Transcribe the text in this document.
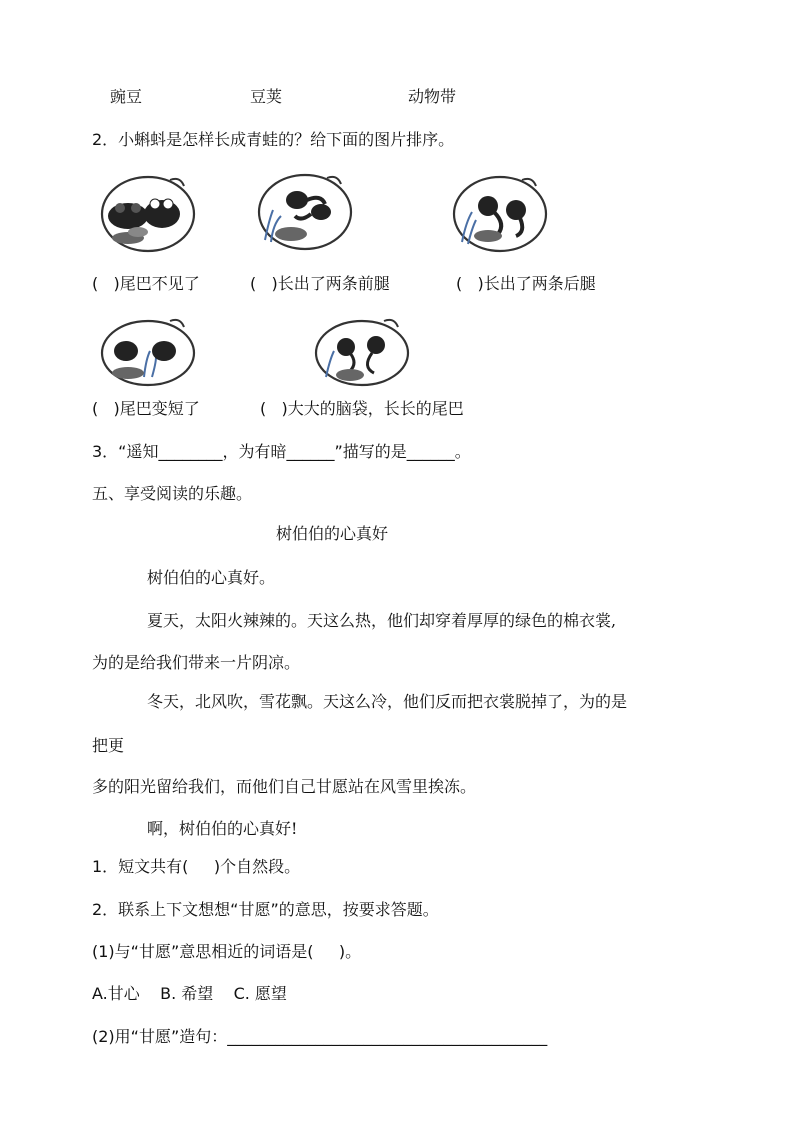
豌豆	豆荚	动物带
2．小蝌蚪是怎样长成青蛙的？给下面的图片排序。
(   )尾巴不见了	(   )长出了两条前腿	(   )长出了两条后腿
(   )尾巴变短了	(   )大大的脑袋，长长的尾巴
3．“遥知________，为有暗______”描写的是______。
五、享受阅读的乐趣。
树伯伯的心真好
树伯伯的心真好。
夏天，太阳火辣辣的。天这么热，他们却穿着厚厚的绿色的棉衣裳,
为的是给我们带来一片阴凉。
冬天，北风吹，雪花飘。天这么冷，他们反而把衣裳脱掉了，为的是
把更
多的阳光留给我们，而他们自己甘愿站在风雪里挨冻。
啊，树伯伯的心真好!
1．短文共有(     )个自然段。
2．联系上下文想想“甘愿”的意思，按要求答题。
(1)与“甘愿”意思相近的词语是(     )。
A.甘心    B. 希望    C. 愿望
(2)用“甘愿”造句：________________________________________
